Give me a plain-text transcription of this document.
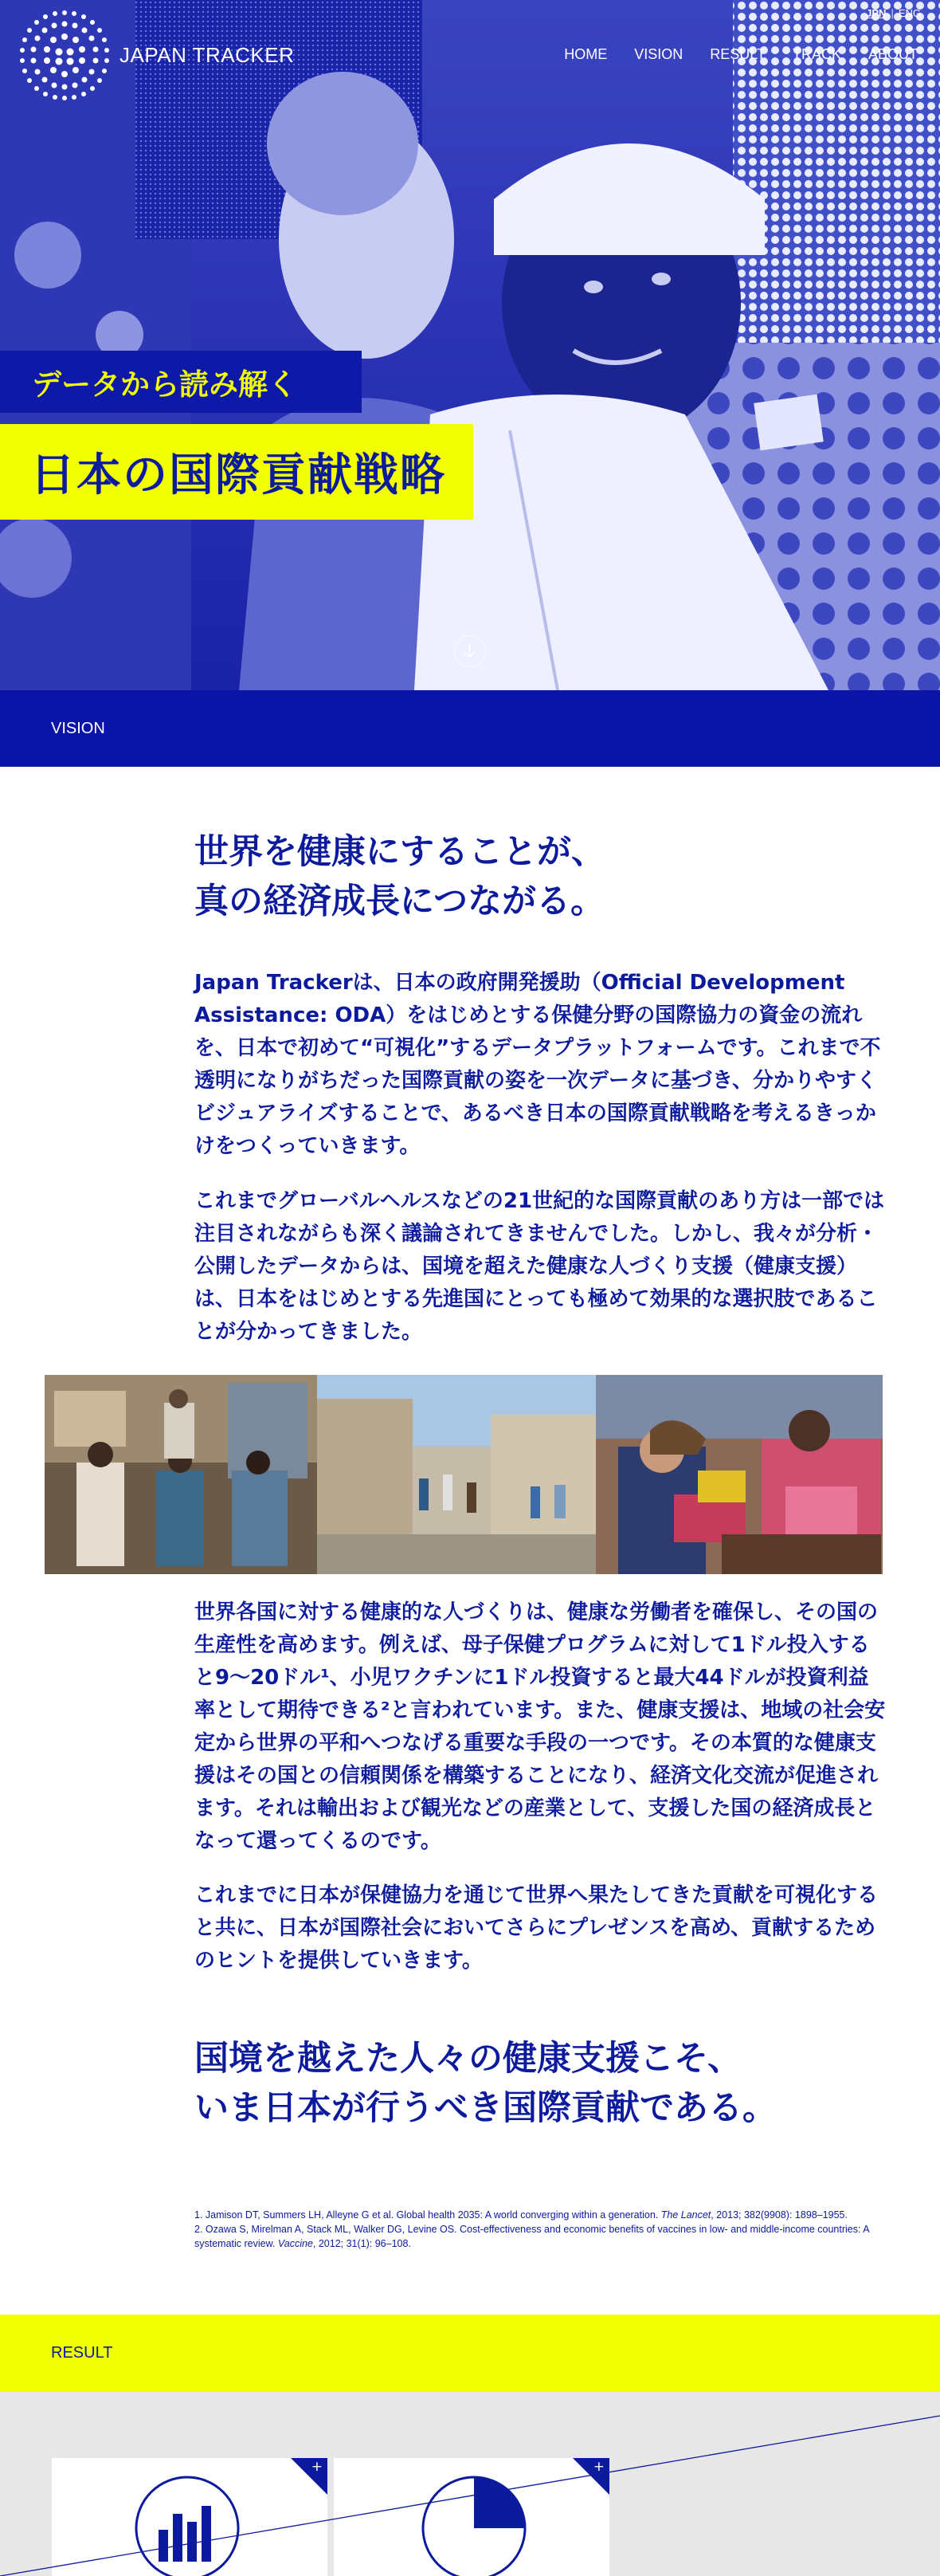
JAPAN TRACKER
JPN | ENG
HOME VISION RESULT TRACK ABOUT
データから読み解く
日本の国際貢献戦略
VISION
世界を健康にすることが、
真の経済成長につながる。

Japan Trackerは、日本の政府開発援助（Official Development Assistance: ODA）をはじめとする保健分野の国際協力の資金の流れを、日本で初めて“可視化”するデータプラットフォームです。これまで不透明になりがちだった国際貢献の姿を一次データに基づき、分かりやすくビジュアライズすることで、あるべき日本の国際貢献戦略を考えるきっかけをつくっていきます。

これまでグローバルヘルスなどの21世紀的な国際貢献のあり方は一部では注目されながらも深く議論されてきませんでした。しかし、我々が分析・公開したデータからは、国境を超えた健康な人づくり支援（健康支援）は、日本をはじめとする先進国にとっても極めて効果的な選択肢であることが分かってきました。

世界各国に対する健康的な人づくりは、健康な労働者を確保し、その国の生産性を高めます。例えば、母子保健プログラムに対して1ドル投入すると9〜20ドル¹、小児ワクチンに1ドル投資すると最大44ドルが投資利益率として期待できる²と言われています。また、健康支援は、地域の社会安定から世界の平和へつなげる重要な手段の一つです。その本質的な健康支援はその国との信頼関係を構築することになり、経済文化交流が促進されます。それは輸出および観光などの産業として、支援した国の経済成長となって還ってくるのです。

これまでに日本が保健協力を通じて世界へ果たしてきた貢献を可視化すると共に、日本が国際社会においてさらにプレゼンスを高め、貢献するためのヒントを提供していきます。

国境を越えた人々の健康支援こそ、
いま日本が行うべき国際貢献である。
1. Jamison DT, Summers LH, Alleyne G et al. Global health 2035: A world converging within a generation. The Lancet, 2013; 382(9908): 1898–1955.
2. Ozawa S, Mirelman A, Stack ML, Walker DG, Levine OS. Cost-effectiveness and economic benefits of vaccines in low- and middle-income countries: A systematic review. Vaccine, 2012; 31(1): 96–108.
RESULT
+	+
